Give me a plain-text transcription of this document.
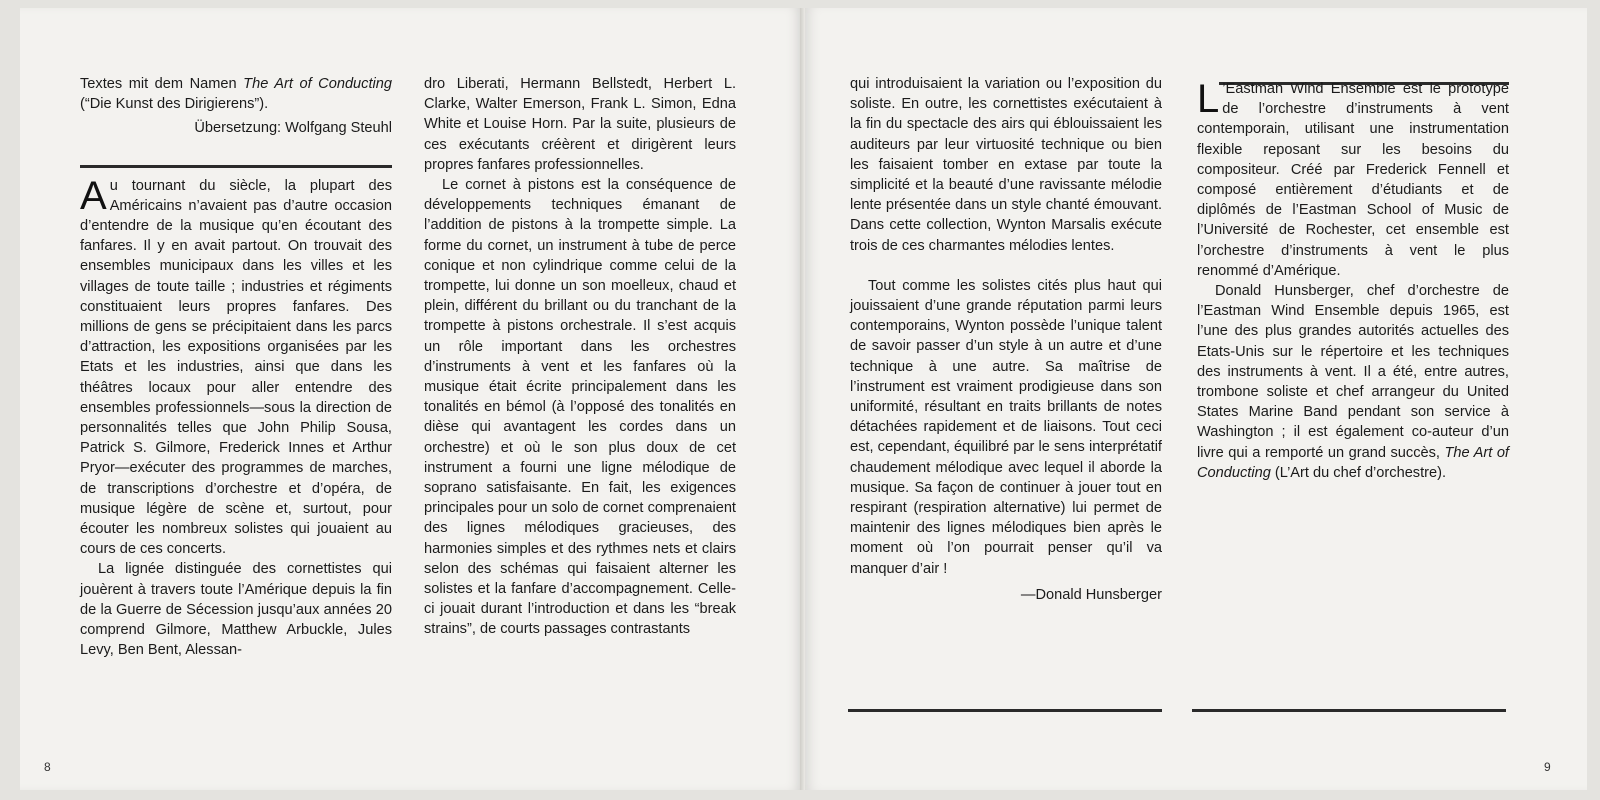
Textes mit dem Namen The Art of Conducting (“Die Kunst des Dirigierens”).

Übersetzung: Wolfgang Steuhl

Au tournant du siècle, la plupart des Américains n’avaient pas d’autre occasion d’entendre de la musique qu’en écoutant des fanfares. Il y en avait partout. On trouvait des ensembles municipaux dans les villes et les villages de toute taille ; industries et régiments constituaient leurs propres fanfares. Des millions de gens se précipitaient dans les parcs d’attraction, les expositions organisées par les Etats et les industries, ainsi que dans les théâtres locaux pour aller entendre des ensembles professionnels—sous la direction de personnalités telles que John Philip Sousa, Patrick S. Gilmore, Frederick Innes et Arthur Pryor—exécuter des programmes de marches, de transcriptions d’orchestre et d’opéra, de musique légère de scène et, surtout, pour écouter les nombreux solistes qui jouaient au cours de ces concerts.

La lignée distinguée des cornettistes qui jouèrent à travers toute l’Amérique depuis la fin de la Guerre de Sécession jusqu’aux années 20 comprend Gilmore, Matthew Arbuckle, Jules Levy, Ben Bent, Alessan-

dro Liberati, Hermann Bellstedt, Herbert L. Clarke, Walter Emerson, Frank L. Simon, Edna White et Louise Horn. Par la suite, plusieurs de ces exécutants créèrent et dirigèrent leurs propres fanfares professionnelles.

Le cornet à pistons est la conséquence de développements techniques émanant de l’addition de pistons à la trompette simple. La forme du cornet, un instrument à tube de perce conique et non cylindrique comme celui de la trompette, lui donne un son moelleux, chaud et plein, différent du brillant ou du tranchant de la trompette à pistons orchestrale. Il s’est acquis un rôle important dans les orchestres d’instruments à vent et les fanfares où la musique était écrite principalement dans les tonalités en bémol (à l’opposé des tonalités en dièse qui avantagent les cordes dans un orchestre) et où le son plus doux de cet instrument a fourni une ligne mélodique de soprano satisfaisante. En fait, les exigences principales pour un solo de cornet comprenaient des lignes mélodiques gracieuses, des harmonies simples et des rythmes nets et clairs selon des schémas qui faisaient alterner les solistes et la fanfare d’accompagnement. Celle-ci jouait durant l’introduction et dans les “break strains”, de courts passages contrastants

qui introduisaient la variation ou l’exposition du soliste. En outre, les cornettistes exécutaient à la fin du spectacle des airs qui éblouissaient les auditeurs par leur virtuosité technique ou bien les faisaient tomber en extase par toute la simplicité et la beauté d’une ravissante mélodie lente présentée dans un style chanté émouvant. Dans cette collection, Wynton Marsalis exécute trois de ces charmantes mélodies lentes.

Tout comme les solistes cités plus haut qui jouissaient d’une grande réputation parmi leurs contemporains, Wynton possède l’unique talent de savoir passer d’un style à un autre et d’une technique à une autre. Sa maîtrise de l’instrument est vraiment prodigieuse dans son uniformité, résultant en traits brillants de notes détachées rapidement et de liaisons. Tout ceci est, cependant, équilibré par le sens interprétatif chaudement mélodique avec lequel il aborde la musique. Sa façon de continuer à jouer tout en respirant (respiration alternative) lui permet de maintenir des lignes mélodiques bien après le moment où l’on pourrait penser qu’il va manquer d’air !

—Donald Hunsberger

L ’Eastman Wind Ensemble est le prototype de l’orchestre d’instruments à vent contemporain, utilisant une instrumentation flexible reposant sur les besoins du compositeur. Créé par Frederick Fennell et composé entièrement d’étudiants et de diplômés de l’Eastman School of Music de l’Université de Rochester, cet ensemble est l’orchestre d’instruments à vent le plus renommé d’Amérique.

Donald Hunsberger, chef d’orchestre de l’Eastman Wind Ensemble depuis 1965, est l’une des plus grandes autorités actuelles des Etats-Unis sur le répertoire et les techniques des instruments à vent. Il a été, entre autres, trombone soliste et chef arrangeur du United States Marine Band pendant son service à Washington ; il est également co-auteur d’un livre qui a remporté un grand succès, The Art of Conducting (L’Art du chef d’orchestre).

8	9
